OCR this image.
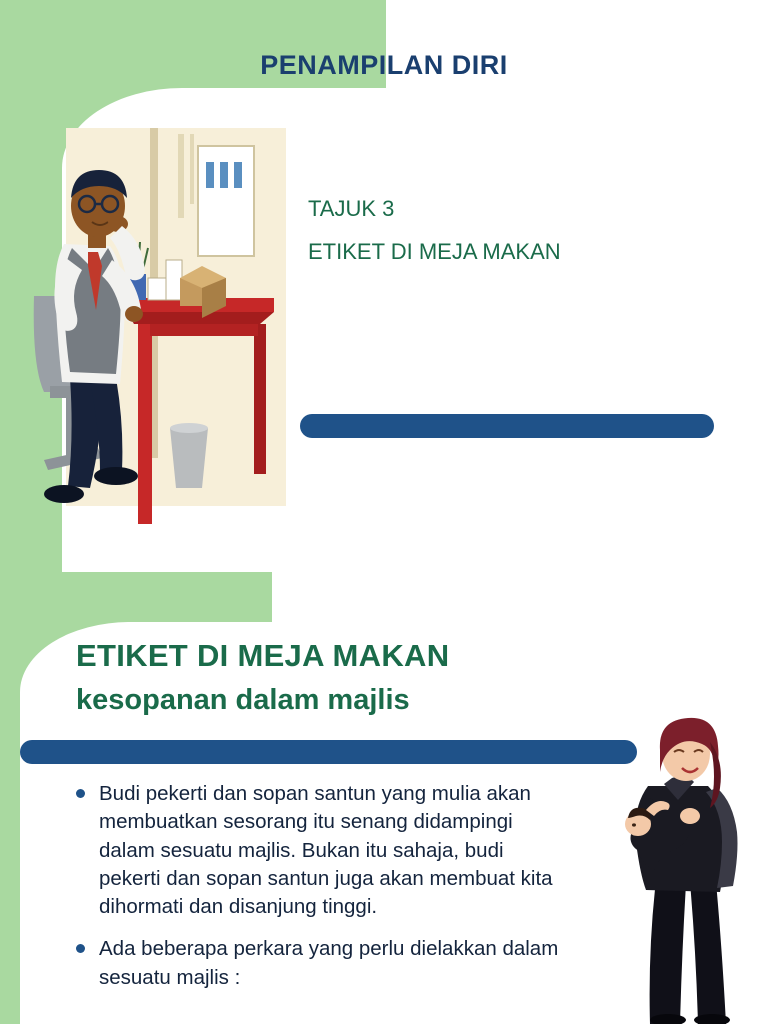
PENAMPILAN DIRI
TAJUK 3
ETIKET DI MEJA MAKAN
ETIKET DI MEJA MAKAN
kesopanan dalam majlis
Budi pekerti dan sopan santun yang mulia akan membuatkan sesorang itu senang didampingi dalam sesuatu majlis. Bukan itu sahaja, budi pekerti dan sopan santun juga akan membuat kita dihormati dan disanjung tinggi.
Ada beberapa perkara yang perlu dielakkan dalam sesuatu majlis :
